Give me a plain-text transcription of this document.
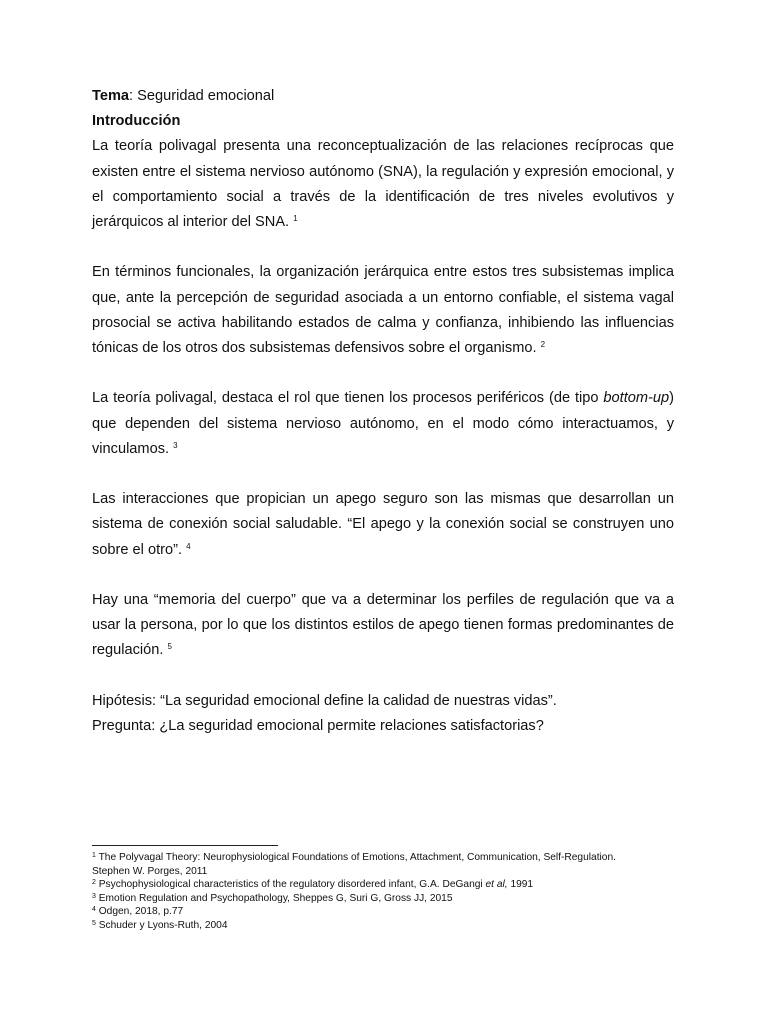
Tema: Seguridad emocional

Introducción

La teoría polivagal presenta una reconceptualización de las relaciones recíprocas que existen entre el sistema nervioso autónomo (SNA), la regulación y expresión emocional, y el comportamiento social a través de la identificación de tres niveles evolutivos y jerárquicos al interior del SNA. $^1$

En términos funcionales, la organización jerárquica entre estos tres subsistemas implica que, ante la percepción de seguridad asociada a un entorno confiable, el sistema vagal prosocial se activa habilitando estados de calma y confianza, inhibiendo las influencias tónicas de los otros dos subsistemas defensivos sobre el organismo. $^2$

La teoría polivagal, destaca el rol que tienen los procesos periféricos (de tipo bottom-up) que dependen del sistema nervioso autónomo, en el modo cómo interactuamos, y vinculamos. $^3$

Las interacciones que propician un apego seguro son las mismas que desarrollan un sistema de conexión social saludable. “El apego y la conexión social se construyen uno sobre el otro”. $^4$

Hay una “memoria del cuerpo” que va a determinar los perfiles de regulación que va a usar la persona, por lo que los distintos estilos de apego tienen formas predominantes de regulación. $^5$

Hipótesis: “La seguridad emocional define la calidad de nuestras vidas”.

Pregunta: ¿La seguridad emocional permite relaciones satisfactorias?

$^1$ The Polyvagal Theory: Neurophysiological Foundations of Emotions, Attachment, Communication, Self-Regulation. Stephen W. Porges, 2011

$^2$ Psychophysiological characteristics of the regulatory disordered infant, G.A. DeGangi et al, 1991

$^3$ Emotion Regulation and Psychopathology, Sheppes G, Suri G, Gross JJ, 2015

$^4$ Odgen, 2018, p.77

$^5$ Schuder y Lyons-Ruth, 2004
